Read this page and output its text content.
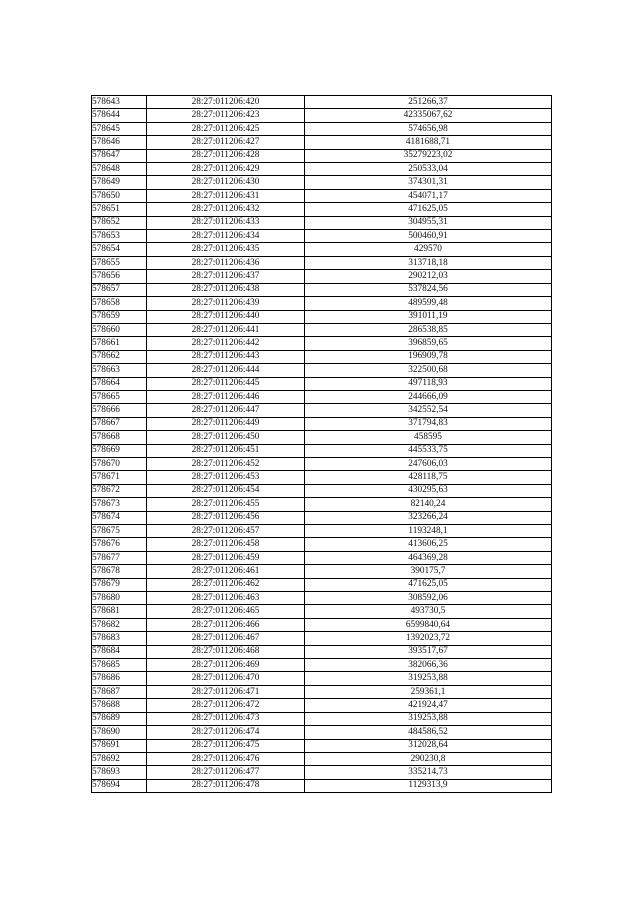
578643	28:27:011206:420	251266,37
578644	28:27:011206:423	42335067,62
578645	28:27:011206:425	574656,98
578646	28:27:011206:427	4181688,71
578647	28:27:011206:428	35279223,02
578648	28:27:011206:429	250533,04
578649	28:27:011206:430	374301,31
578650	28:27:011206:431	454071,17
578651	28:27:011206:432	471625,05
578652	28:27:011206:433	304955,31
578653	28:27:011206:434	500460,91
578654	28:27:011206:435	429570
578655	28:27:011206:436	313718,18
578656	28:27:011206:437	290212,03
578657	28:27:011206:438	537824,56
578658	28:27:011206:439	489599,48
578659	28:27:011206:440	391011,19
578660	28:27:011206:441	286538,85
578661	28:27:011206:442	396859,65
578662	28:27:011206:443	196909,78
578663	28:27:011206:444	322500,68
578664	28:27:011206:445	497118,93
578665	28:27:011206:446	244666,09
578666	28:27:011206:447	342552,54
578667	28:27:011206:449	371794,83
578668	28:27:011206:450	458595
578669	28:27:011206:451	445533,75
578670	28:27:011206:452	247606,03
578671	28:27:011206:453	428118,75
578672	28:27:011206:454	430295,63
578673	28:27:011206:455	82140,24
578674	28:27:011206:456	323266,24
578675	28:27:011206:457	1193248,1
578676	28:27:011206:458	413606,25
578677	28:27:011206:459	464369,28
578678	28:27:011206:461	390175,7
578679	28:27:011206:462	471625,05
578680	28:27:011206:463	308592,06
578681	28:27:011206:465	493730,5
578682	28:27:011206:466	6599840,64
578683	28:27:011206:467	1392023,72
578684	28:27:011206:468	393517,67
578685	28:27:011206:469	382066,36
578686	28:27:011206:470	319253,88
578687	28:27:011206:471	259361,1
578688	28:27:011206:472	421924,47
578689	28:27:011206:473	319253,88
578690	28:27:011206:474	484586,52
578691	28:27:011206:475	312028,64
578692	28:27:011206:476	290230,8
578693	28:27:011206:477	335214,73
578694	28:27:011206:478	1129313,9
